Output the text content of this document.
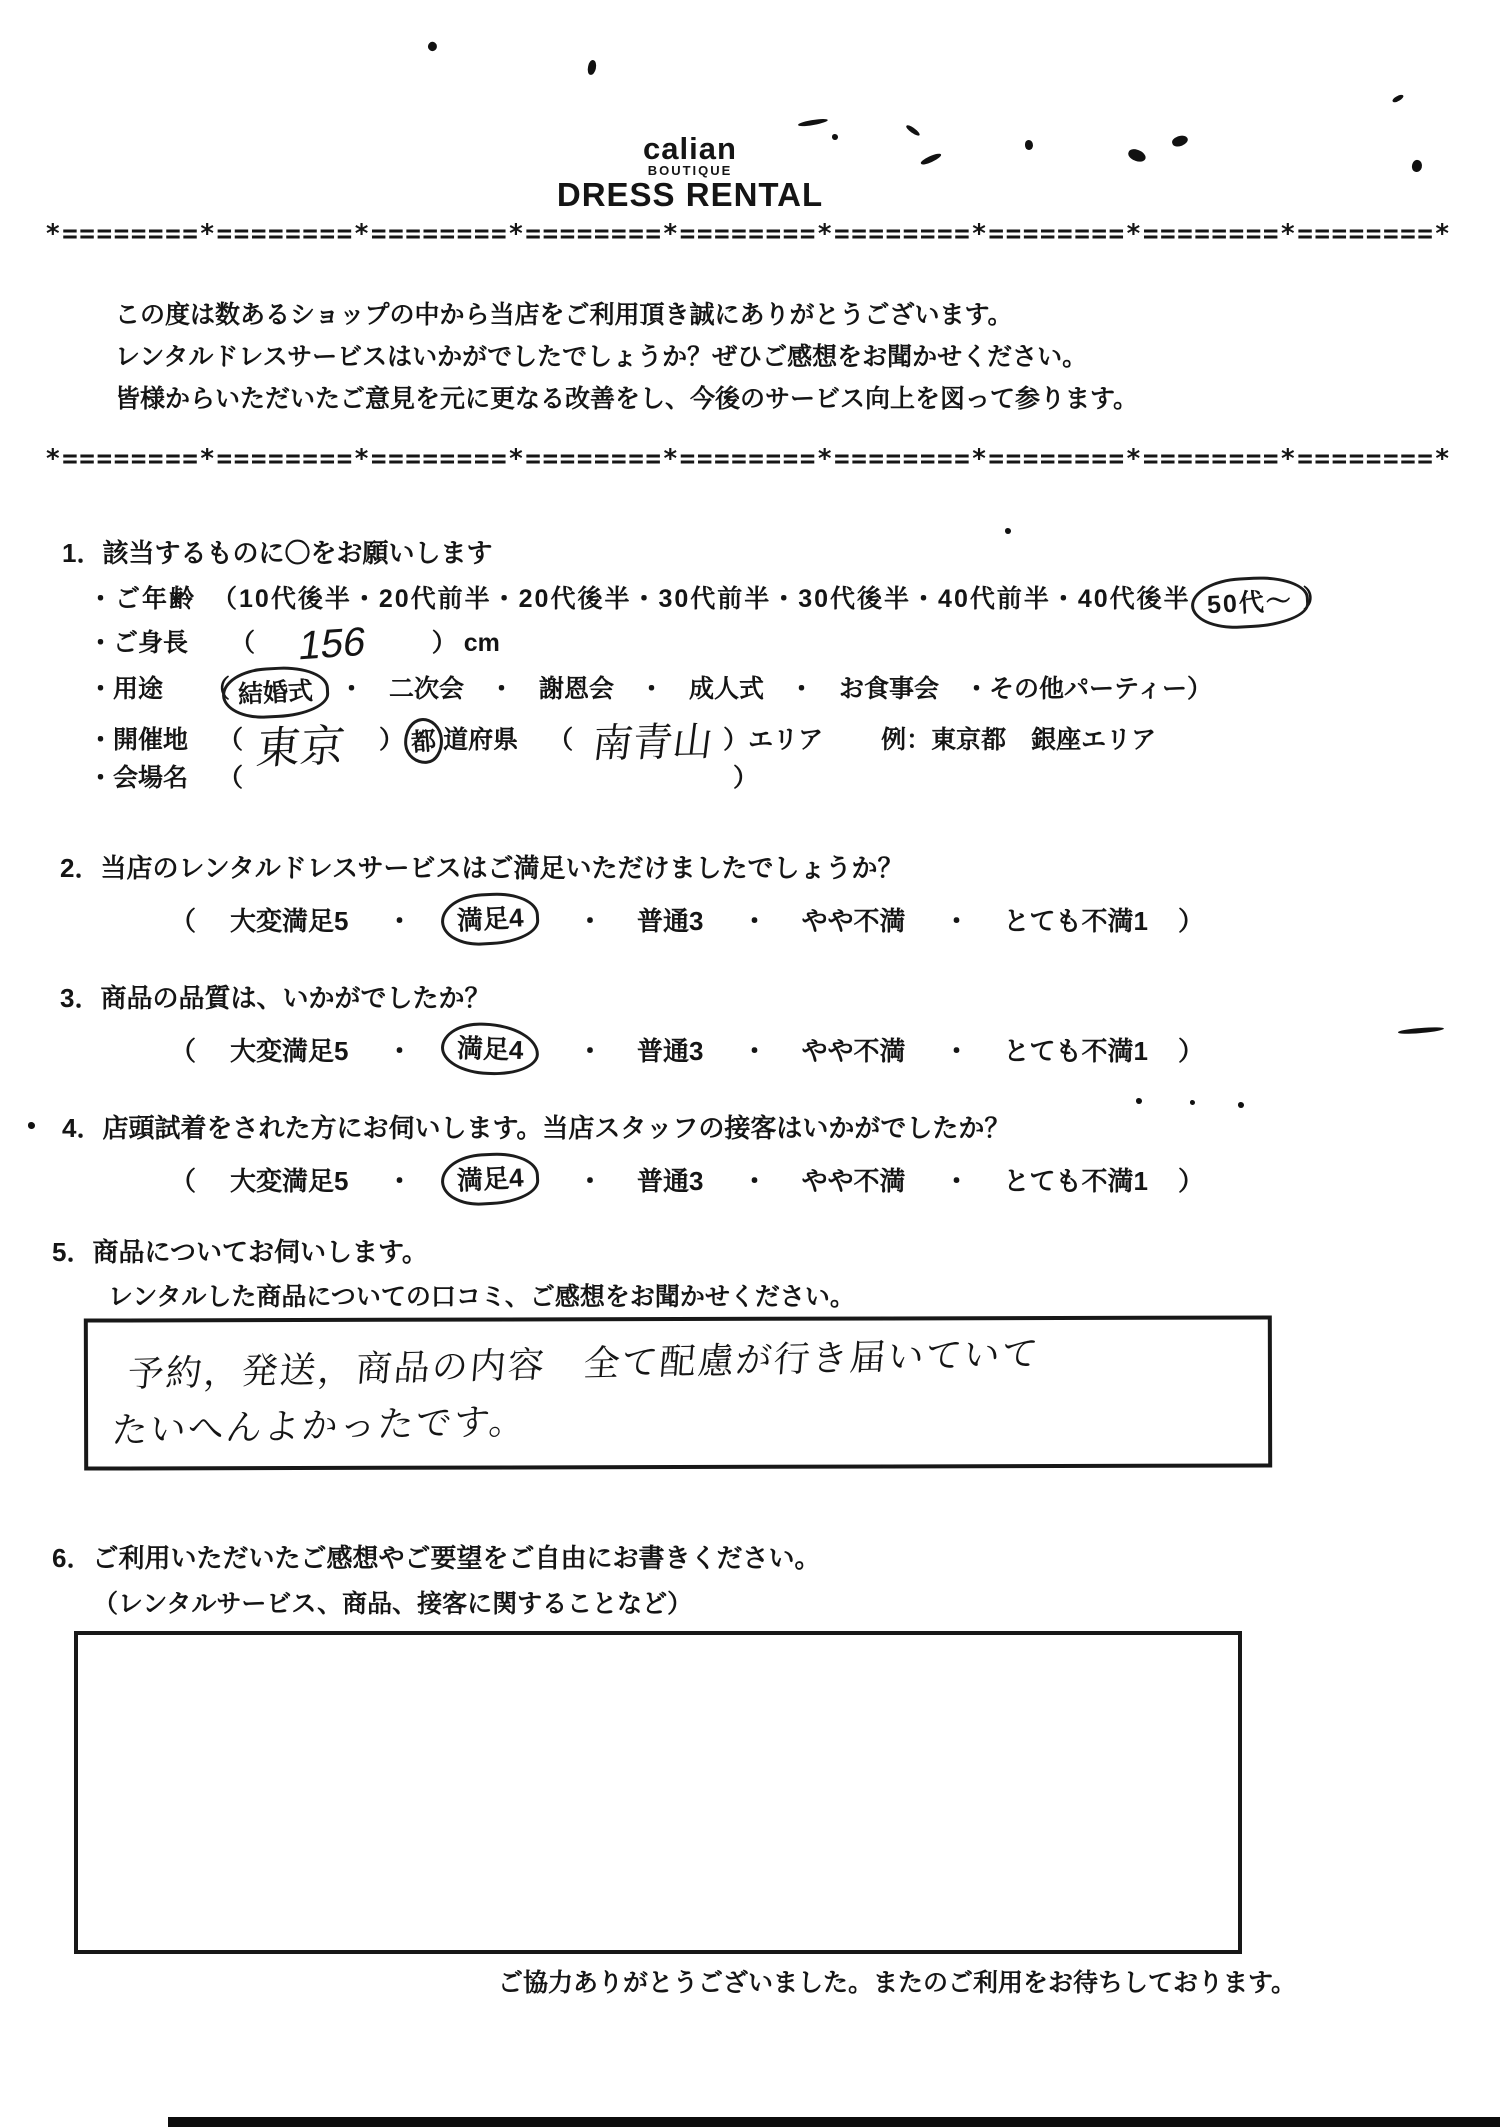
calian
BOUTIQUE
DRESS RENTAL
*========*========*========*========*========*========*========*========*========*
この度は数あるショップの中から当店をご利用頂き誠にありがとうございます。
レンタルドレスサービスはいかがでしたでしょうか？ぜひご感想をお聞かせください。
皆様からいただいたご意見を元に更なる改善をし、今後のサービス向上を図って参ります。
*========*========*========*========*========*========*========*========*========*
1．該当するものに〇をお願いします
・ご年齢 （10代後半・20代前半・20代後半・30代前半・30代後半・40代前半・40代後半 50代～ ）
・ご身長 （ 156	） cm
・用途 （ 結婚式 ・　二次会　・　謝恩会　・　成人式　・　お食事会　・その他パーティー）
・開催地 （ 東京 ） 都 道府県 （ 南青山 ）エリア 例：東京都　銀座エリア
・会場名 （	）
2．当店のレンタルドレスサービスはご満足いただけましたでしょうか？
（ 大変満足5 ・	満足4	・ 普通3 ・ やや不満 ・ とても不満1 ）
3．商品の品質は、いかがでしたか？
（ 大変満足5 ・	満足4	・ 普通3 ・ やや不満 ・ とても不満1 ）
4．店頭試着をされた方にお伺いします。当店スタッフの接客はいかがでしたか？
（ 大変満足5 ・	満足4	・ 普通3 ・ やや不満 ・ とても不満1 ）
5．商品についてお伺いします。
レンタルした商品についての口コミ、ご感想をお聞かせください。
予約，発送，商品の内容　全て配慮が行き届いていて
たいへんよかったです。
6．ご利用いただいたご感想やご要望をご自由にお書きください。
（レンタルサービス、商品、接客に関することなど）
ご協力ありがとうございました。またのご利用をお待ちしております。
